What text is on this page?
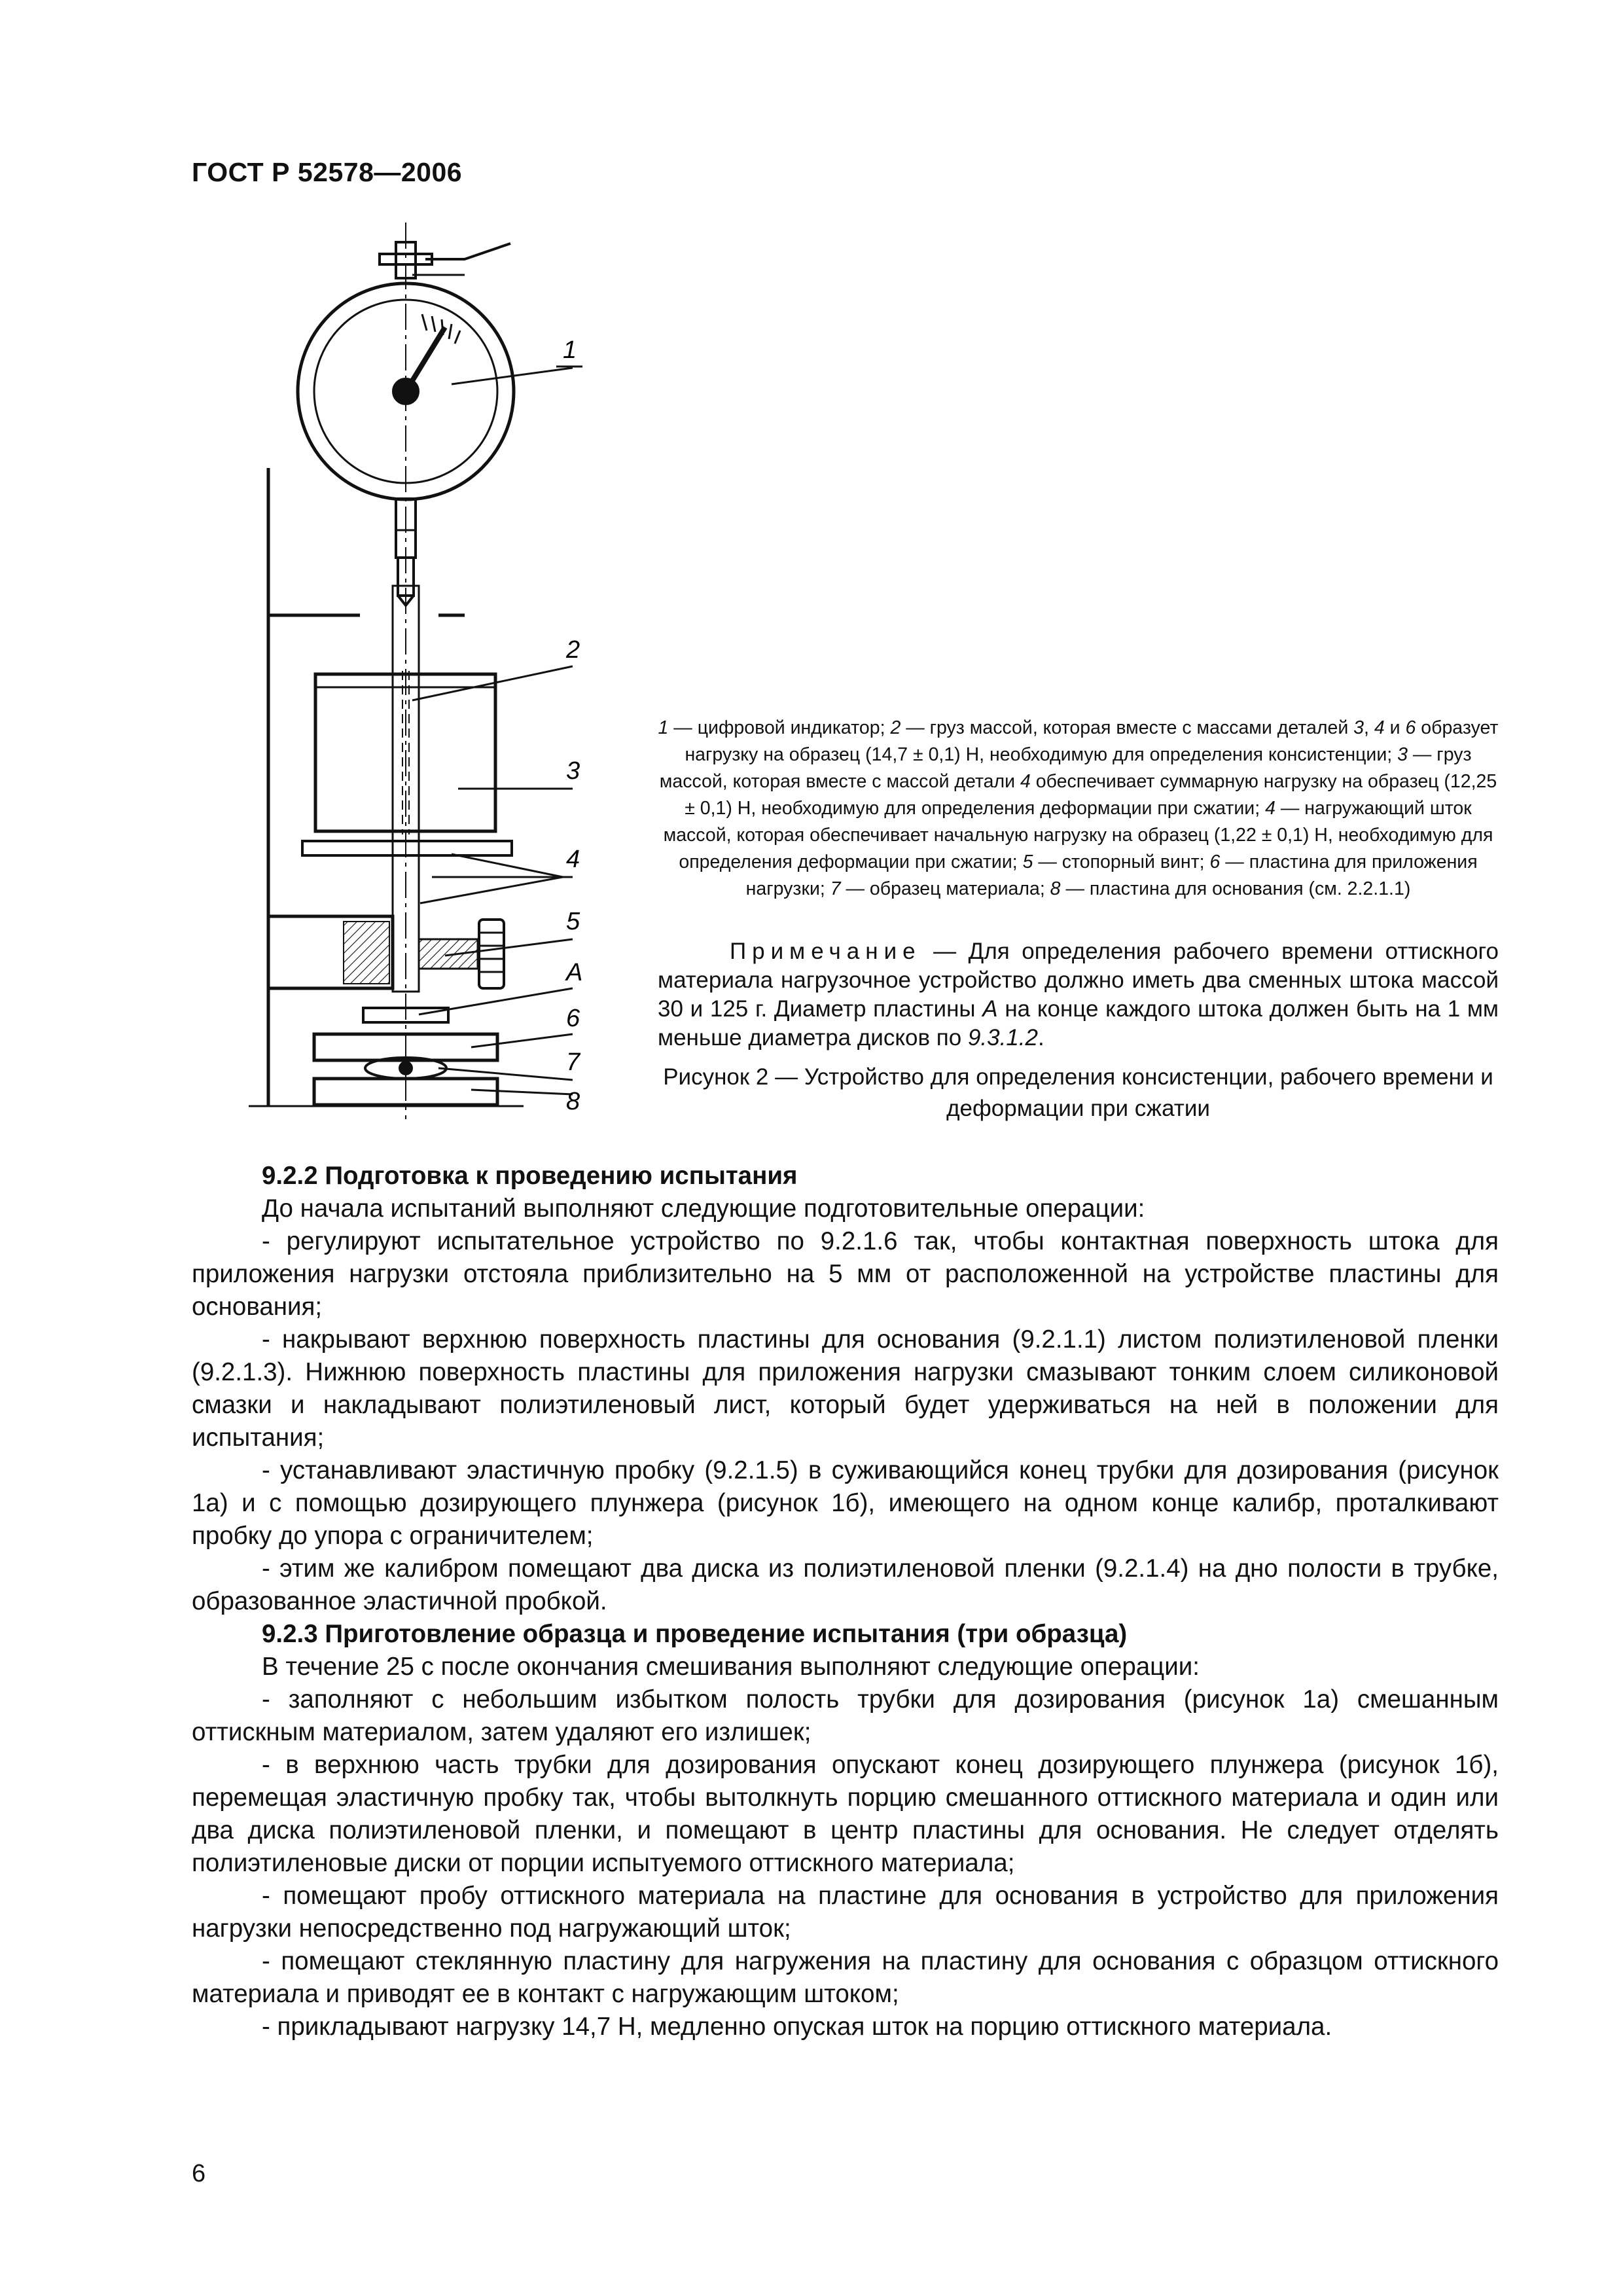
ГОСТ Р 52578—2006
1
2
3
4
5
A
6
7
8
1 — цифровой индикатор; 2 — груз массой, которая вместе с массами деталей 3, 4 и 6 образует нагрузку на образец (14,7 ± 0,1) Н, необходимую для определения консистенции; 3 — груз массой, которая вместе с массой детали 4 обеспечивает суммарную нагрузку на образец (12,25 ± 0,1) Н, необходимую для определения деформации при сжатии; 4 — нагружающий шток массой, которая обеспечивает начальную нагрузку на образец (1,22 ± 0,1) Н, необходимую для определения деформации при сжатии; 5 — стопорный винт; 6 — пластина для приложения нагрузки; 7 — образец материала; 8 — пластина для основания (см. 2.2.1.1)
Примечание — Для определения рабочего времени оттискного материала нагрузочное устройство должно иметь два сменных штока массой 30 и 125 г. Диаметр пластины А на конце каждого штока должен быть на 1 мм меньше диаметра дисков по 9.3.1.2.
Рисунок 2 — Устройство для определения консистенции, рабочего времени и деформации при сжатии

9.2.2 Подготовка к проведению испытания

До начала испытаний выполняют следующие подготовительные операции:

- регулируют испытательное устройство по 9.2.1.6 так, чтобы контактная поверхность штока для приложения нагрузки отстояла приблизительно на 5 мм от расположенной на устройстве пластины для основания;

- накрывают верхнюю поверхность пластины для основания (9.2.1.1) листом полиэтиленовой пленки (9.2.1.3). Нижнюю поверхность пластины для приложения нагрузки смазывают тонким слоем силиконовой смазки и накладывают полиэтиленовый лист, который будет удерживаться на ней в положении для испытания;

- устанавливают эластичную пробку (9.2.1.5) в суживающийся конец трубки для дозирования (рисунок 1а) и с помощью дозирующего плунжера (рисунок 1б), имеющего на одном конце калибр, проталкивают пробку до упора с ограничителем;

- этим же калибром помещают два диска из полиэтиленовой пленки (9.2.1.4) на дно полости в трубке, образованное эластичной пробкой.

9.2.3 Приготовление образца и проведение испытания (три образца)

В течение 25 с после окончания смешивания выполняют следующие операции:

- заполняют с небольшим избытком полость трубки для дозирования (рисунок 1а) смешанным оттискным материалом, затем удаляют его излишек;

- в верхнюю часть трубки для дозирования опускают конец дозирующего плунжера (рисунок 1б), перемещая эластичную пробку так, чтобы вытолкнуть порцию смешанного оттискного материала и один или два диска полиэтиленовой пленки, и помещают в центр пластины для основания. Не следует отделять полиэтиленовые диски от порции испытуемого оттискного материала;

- помещают пробу оттискного материала на пластине для основания в устройство для приложения нагрузки непосредственно под нагружающий шток;

- помещают стеклянную пластину для нагружения на пластину для основания с образцом оттискного материала и приводят ее в контакт с нагружающим штоком;

- прикладывают нагрузку 14,7 Н, медленно опуская шток на порцию оттискного материала.

6
